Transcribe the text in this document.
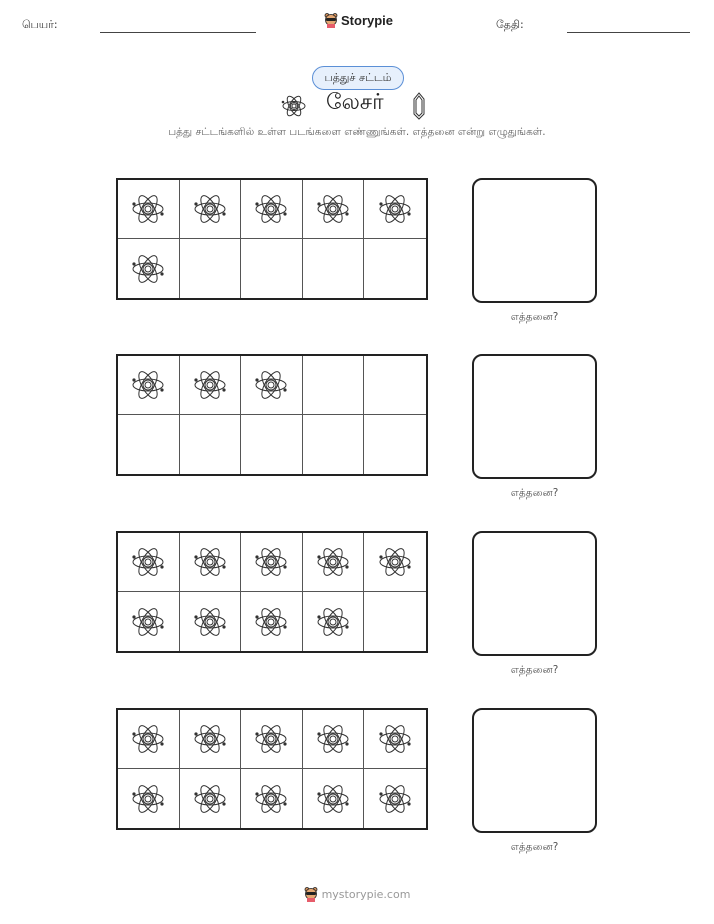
பெயர்:	Storypie	தேதி:
பத்துச் சட்டம்
லேசர்
பத்து சட்டங்களில் உள்ள படங்களை எண்ணுங்கள். எத்தனை என்று எழுதுங்கள்.
எத்தனை?
எத்தனை?
எத்தனை?
எத்தனை?
mystorypie.com
